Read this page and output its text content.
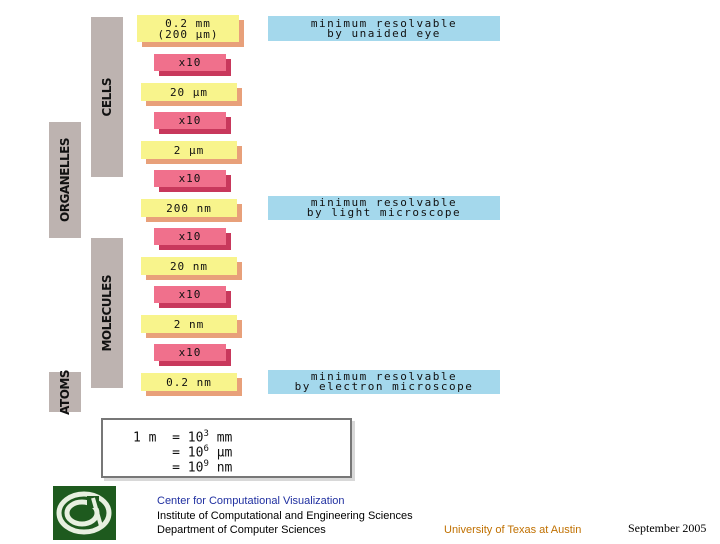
CELLS
ORGANELLES
MOLECULES
ATOMS
0.2 mm
(200 µm)
20 µm
2 µm
200 nm
20 nm
2 nm
0.2 nm
x10
x10
x10
x10
x10
x10
minimum resolvable
by unaided eye
minimum resolvable
by light microscope
minimum resolvable
by electron microscope
1 $m = 10^3$ mm
= $10^6$ µm
= $10^9$ nm
Center for Computational Visualization
Institute of Computational and Engineering Sciences
Department of Computer Sciences	University of Texas at Austin	September 2005
